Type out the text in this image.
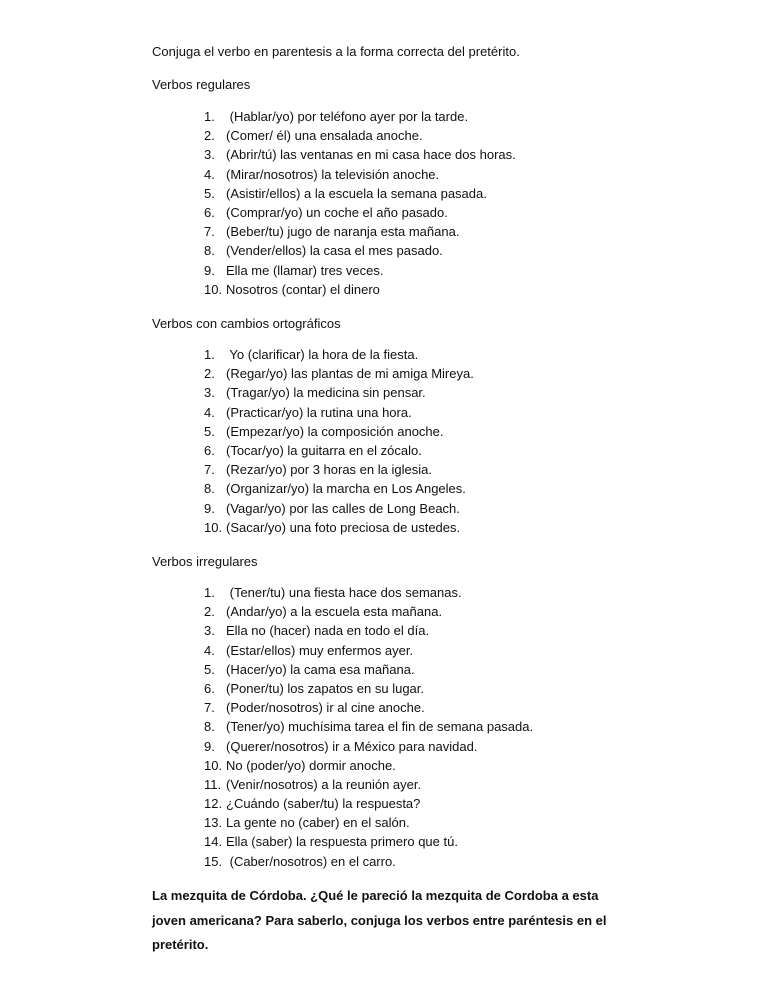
Conjuga el verbo en parentesis a la forma correcta del pretérito.
Verbos regulares
1. (Hablar/yo) por teléfono ayer por la tarde.
2. (Comer/ él) una ensalada anoche.
3. (Abrir/tú) las ventanas en mi casa hace dos horas.
4. (Mirar/nosotros) la televisión anoche.
5. (Asistir/ellos) a la escuela la semana pasada.
6. (Comprar/yo) un coche el año pasado.
7. (Beber/tu) jugo de naranja esta mañana.
8. (Vender/ellos) la casa el mes pasado.
9. Ella me (llamar) tres veces.
10. Nosotros (contar) el dinero
Verbos con cambios ortográficos
1. Yo (clarificar) la hora de la fiesta.
2. (Regar/yo) las plantas de mi amiga Mireya.
3. (Tragar/yo) la medicina sin pensar.
4. (Practicar/yo) la rutina una hora.
5. (Empezar/yo) la composición anoche.
6. (Tocar/yo) la guitarra en el zócalo.
7. (Rezar/yo) por 3 horas en la iglesia.
8. (Organizar/yo) la marcha en Los Angeles.
9. (Vagar/yo) por las calles de Long Beach.
10. (Sacar/yo) una foto preciosa de ustedes.
Verbos irregulares
1. (Tener/tu) una fiesta hace dos semanas.
2. (Andar/yo) a la escuela esta mañana.
3. Ella no (hacer) nada en todo el día.
4. (Estar/ellos) muy enfermos ayer.
5. (Hacer/yo) la cama esa mañana.
6. (Poner/tu) los zapatos en su lugar.
7. (Poder/nosotros) ir al cine anoche.
8. (Tener/yo) muchísima tarea el fin de semana pasada.
9. (Querer/nosotros) ir a México para navidad.
10. No (poder/yo) dormir anoche.
11. (Venir/nosotros) a la reunión ayer.
12. ¿Cuándo (saber/tu) la respuesta?
13. La gente no (caber) en el salón.
14. Ella (saber) la respuesta primero que tú.
15. (Caber/nosotros) en el carro.
La mezquita de Córdoba. ¿Qué le pareció la mezquita de Cordoba a esta joven americana? Para saberlo, conjuga los verbos entre paréntesis en el pretérito.
